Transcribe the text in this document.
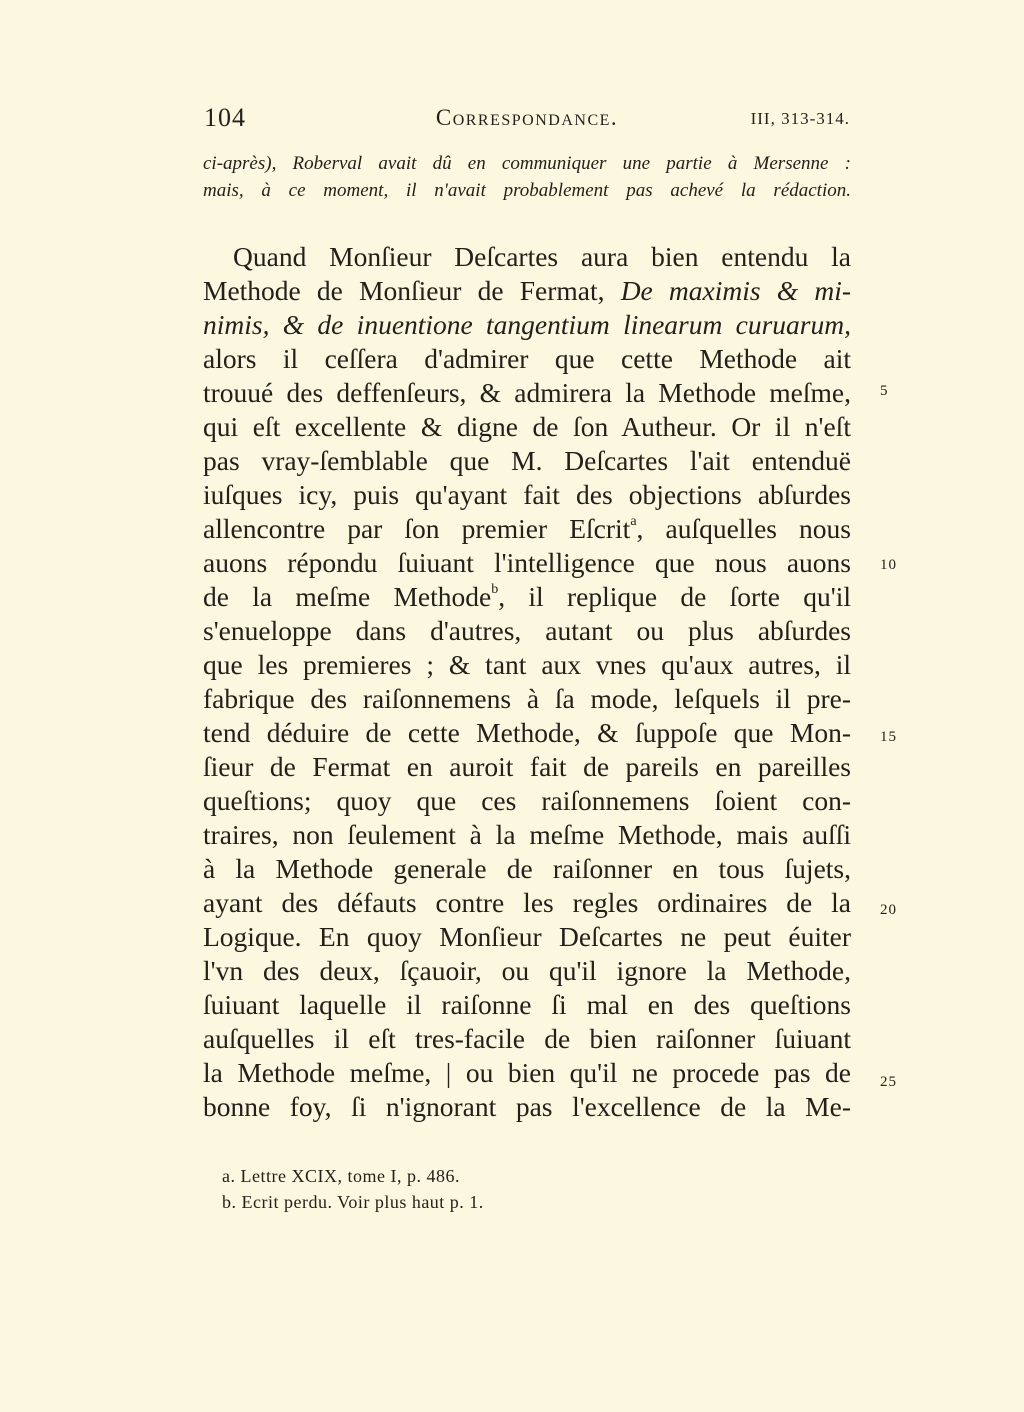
104	Correspondance.	III, 313-314.
ci-après), Roberval avait dû en communiquer une partie à Mersenne :
mais, à ce moment, il n'avait probablement pas achevé la rédaction.
Quand Monſieur Deſcartes aura bien entendu la
Methode de Monſieur de Fermat, De maximis & mi-
nimis, & de inuentione tangentium linearum curuarum,
alors il ceſſera d'admirer que cette Methode ait
trouué des deffenſeurs, & admirera la Methode meſme,
qui eſt excellente & digne de ſon Autheur. Or il n'eſt
pas vray-ſemblable que M. Deſcartes l'ait entenduë
iuſques icy, puis qu'ayant fait des objections abſurdes
allencontre par ſon premier Eſcrit$^a$, auſquelles nous
auons répondu ſuiuant l'intelligence que nous auons
de la meſme Methode$^b$, il replique de ſorte qu'il
s'enueloppe dans d'autres, autant ou plus abſurdes
que les premieres ; & tant aux vnes qu'aux autres, il
fabrique des raiſonnemens à ſa mode, leſquels il pre-
tend déduire de cette Methode, & ſuppoſe que Mon-
ſieur de Fermat en auroit fait de pareils en pareilles
queſtions; quoy que ces raiſonnemens ſoient con-
traires, non ſeulement à la meſme Methode, mais auſſi
à la Methode generale de raiſonner en tous ſujets,
ayant des défauts contre les regles ordinaires de la
Logique. En quoy Monſieur Deſcartes ne peut éuiter
l'vn des deux, ſçauoir, ou qu'il ignore la Methode,
ſuiuant laquelle il raiſonne ſi mal en des queſtions
auſquelles il eſt tres-facile de bien raiſonner ſuiuant
la Methode meſme, | ou bien qu'il ne procede pas de
bonne foy, ſi n'ignorant pas l'excellence de la Me-
5
10
15
20
25
a. Lettre XCIX, tome I, p. 486.
b. Ecrit perdu. Voir plus haut p. 1.
